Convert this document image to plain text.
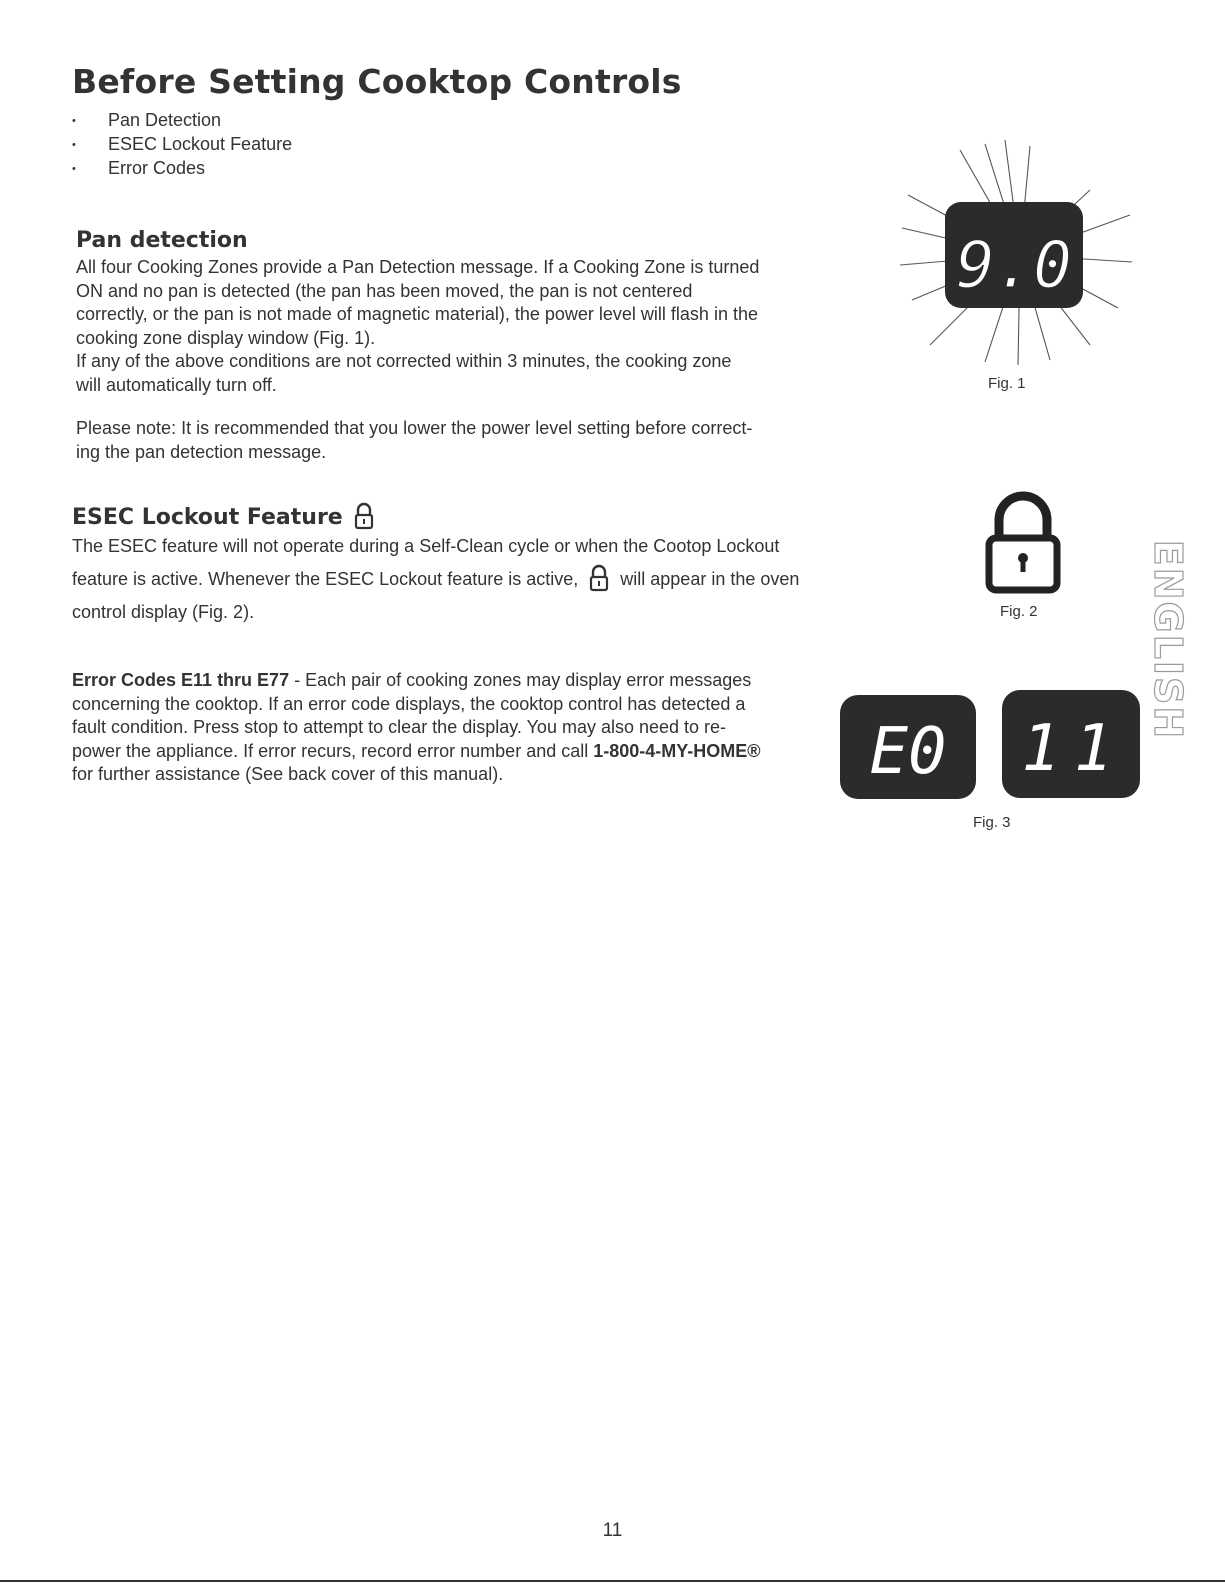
Before Setting Cooktop Controls
• Pan Detection
• ESEC Lockout Feature
• Error Codes
Pan detection
All four Cooking Zones provide a Pan Detection message. If a Cooking Zone is turned
ON and no pan is detected (the pan has been moved, the pan is not centered
correctly, or the pan is not made of magnetic material), the power level will flash in the
cooking zone display window (Fig. 1).
If any of the above conditions are not corrected within 3 minutes, the cooking zone
will automatically turn off.
Please note: It is recommended that you lower the power level setting before correct-
ing the pan detection message.
ESEC Lockout Feature
The ESEC feature will not operate during a Self-Clean cycle or when the Cootop Lockout
feature is active. Whenever the ESEC Lockout feature is active, will appear in the oven
control display (Fig. 2).
Error Codes E11 thru E77 - Each pair of cooking zones may display error messages
concerning the cooktop. If an error code displays, the cooktop control has detected a
fault condition. Press stop to attempt to clear the display. You may also need to re-
power the appliance. If error recurs, record error number and call 1-800-4-MY-HOME®
for further assistance (See back cover of this manual).
9.0
Fig. 1
Fig. 2
E0 11
Fig. 3
ENGLISH
11
